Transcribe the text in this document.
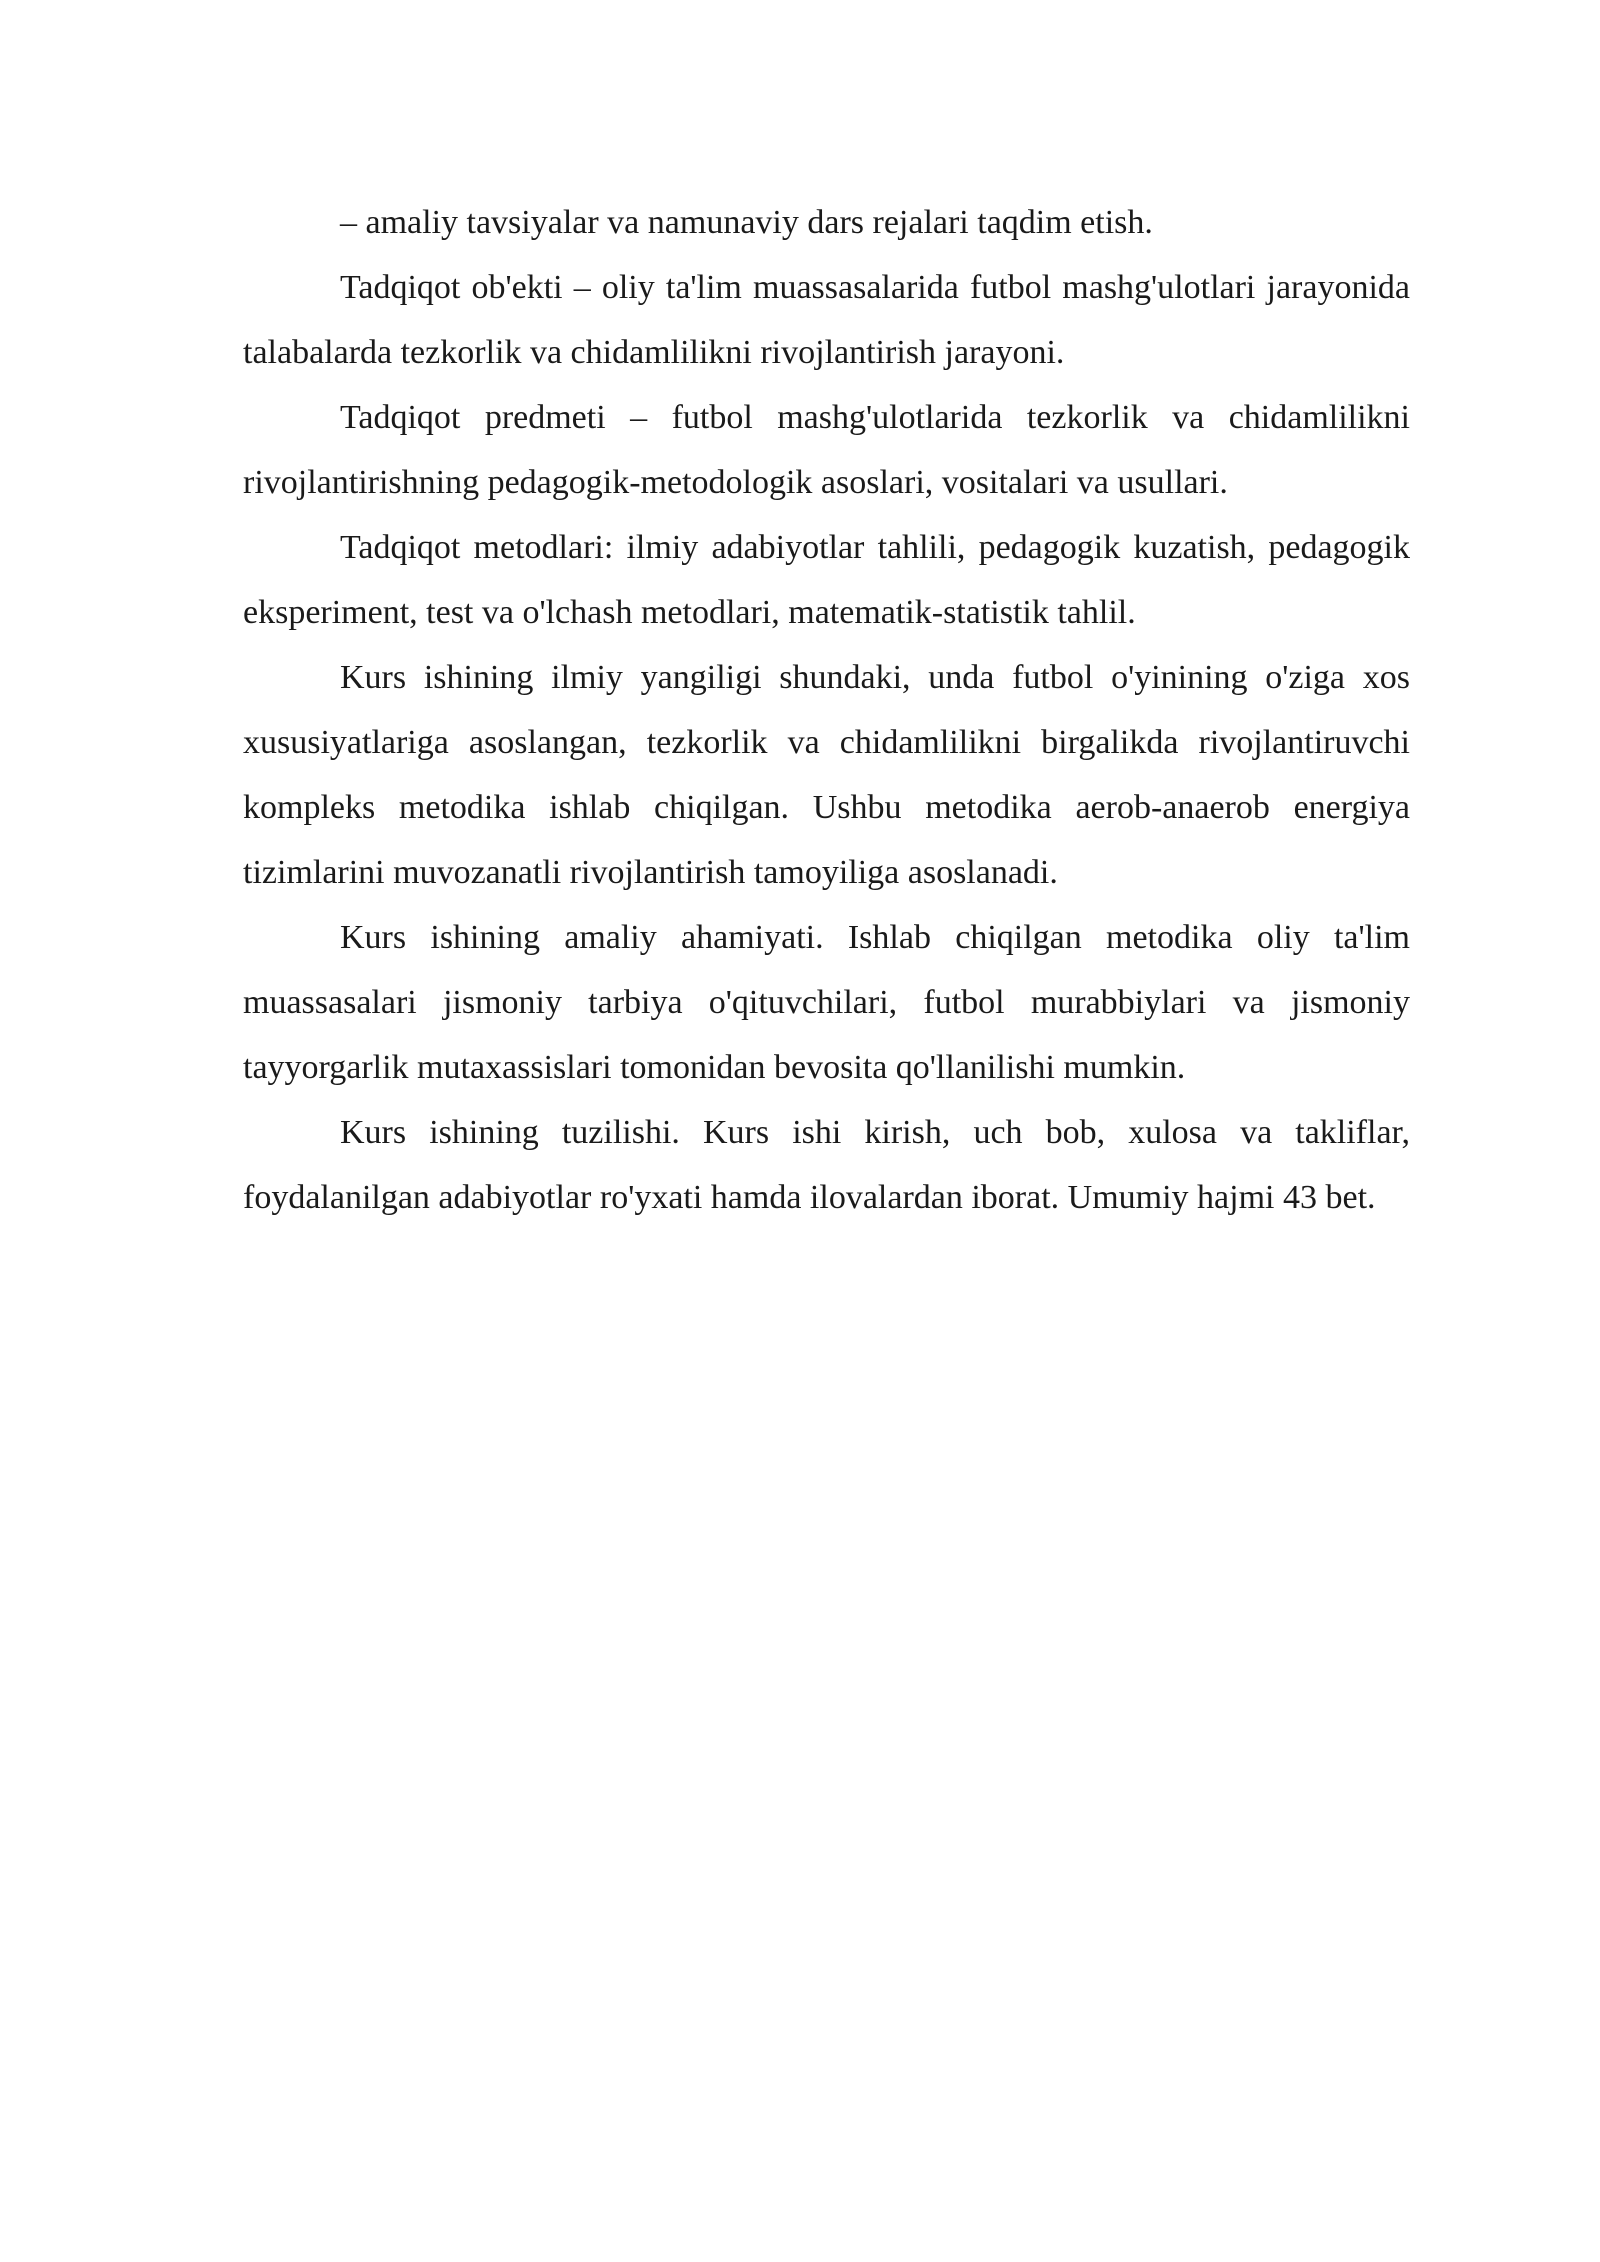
– amaliy tavsiyalar va namunaviy dars rejalari taqdim etish.

Tadqiqot ob'ekti – oliy ta'lim muassasalarida futbol mashg'ulotlari jarayonida talabalarda tezkorlik va chidamlilikni rivojlantirish jarayoni.

Tadqiqot predmeti – futbol mashg'ulotlarida tezkorlik va chidamlilikni rivojlantirishning pedagogik-metodologik asoslari, vositalari va usullari.

Tadqiqot metodlari: ilmiy adabiyotlar tahlili, pedagogik kuzatish, pedagogik eksperiment, test va o'lchash metodlari, matematik-statistik tahlil.

Kurs ishining ilmiy yangiligi shundaki, unda futbol o'yinining o'ziga xos xususiyatlariga asoslangan, tezkorlik va chidamlilikni birgalikda rivojlantiruvchi kompleks metodika ishlab chiqilgan. Ushbu metodika aerob-anaerob energiya tizimlarini muvozanatli rivojlantirish tamoyiliga asoslanadi.

Kurs ishining amaliy ahamiyati. Ishlab chiqilgan metodika oliy ta'lim muassasalari jismoniy tarbiya o'qituvchilari, futbol murabbiylari va jismoniy tayyorgarlik mutaxassislari tomonidan bevosita qo'llanilishi mumkin.

Kurs ishining tuzilishi. Kurs ishi kirish, uch bob, xulosa va takliflar, foydalanilgan adabiyotlar ro'yxati hamda ilovalardan iborat. Umumiy hajmi 43 bet.
